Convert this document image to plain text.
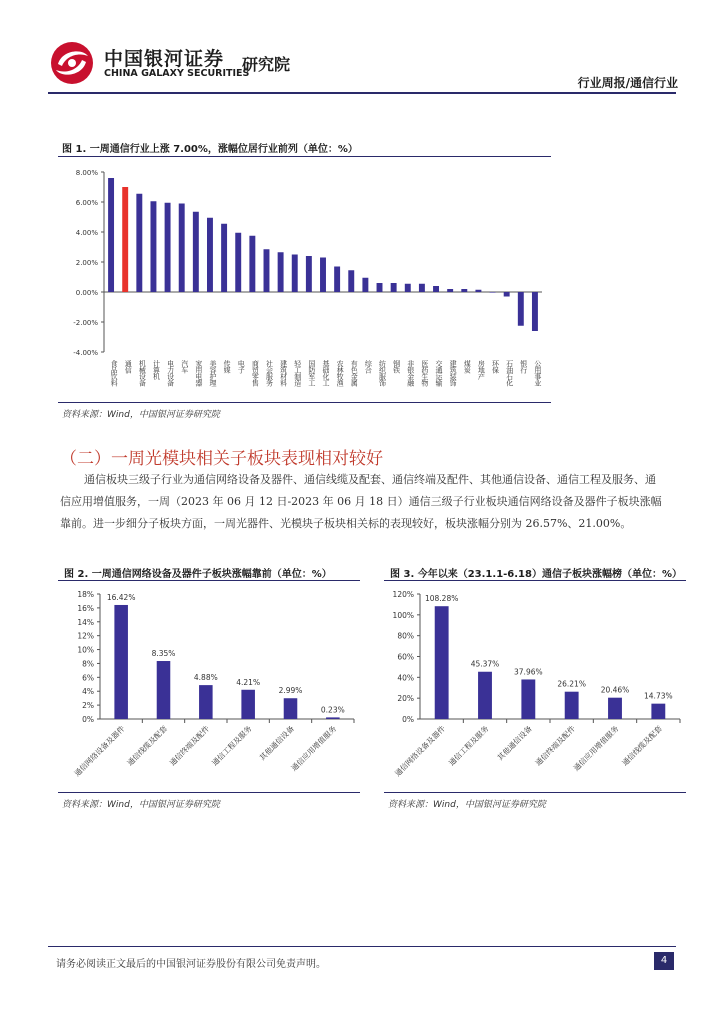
中国银河证券
CHINA GALAXY SECURITIES
研究院
行业周报/通信行业
图 1. 一周通信行业上涨 7.00%，涨幅位居行业前列（单位：%）
8.00%
6.00%
4.00%
2.00%
0.00%
-2.00%
-4.00%
食品饮料 通信 机械设备 计算机 电力设备 汽车 家用电器 美容护理 传媒 电子 商贸零售 社会服务 建筑材料 轻工制造 国防军工 基础化工 农林牧渔 有色金属 综合 纺织服饰 钢铁 非银金融 医药生物 交通运输 建筑装饰 煤炭 房地产 环保 石油石化 银行 公用事业
资料来源：Wind，中国银河证券研究院
（二）一周光模块相关子板块表现相对较好

通信板块三级子行业为通信网络设备及器件、通信线缆及配套、通信终端及配件、其他通信设备、通信工程及服务、通信应用增值服务，一周（2023 年 06 月 12 日-2023 年 06 月 18 日）通信三级子行业板块通信网络设备及器件子板块涨幅靠前。进一步细分子板块方面，一周光器件、光模块子板块相关标的表现较好，板块涨幅分别为 26.57%、21.00%。

图 2. 一周通信网络设备及器件子板块涨幅靠前（单位：%）
18%
16%
14%
12%
10%
8%
6%
4%
2%
0%
16.42%
通信网络设备及器件
8.35%
通信线缆及配套
4.88%
通信终端及配件
4.21%
通信工程及服务
2.99%
其他通信设备
0.23%
通信应用增值服务
资料来源：Wind，中国银河证券研究院
图 3. 今年以来（23.1.1-6.18）通信子板块涨幅榜（单位：%）
120%
100%
80%
60%
40%
20%
0%
108.28%
通信网络设备及器件
45.37%
通信工程及服务
37.96%
其他通信设备
26.21%
通信终端及配件
20.46%
通信应用增值服务
14.73%
通信线缆及配套
资料来源：Wind，中国银河证券研究院
请务必阅读正文最后的中国银河证券股份有限公司免责声明。	4
